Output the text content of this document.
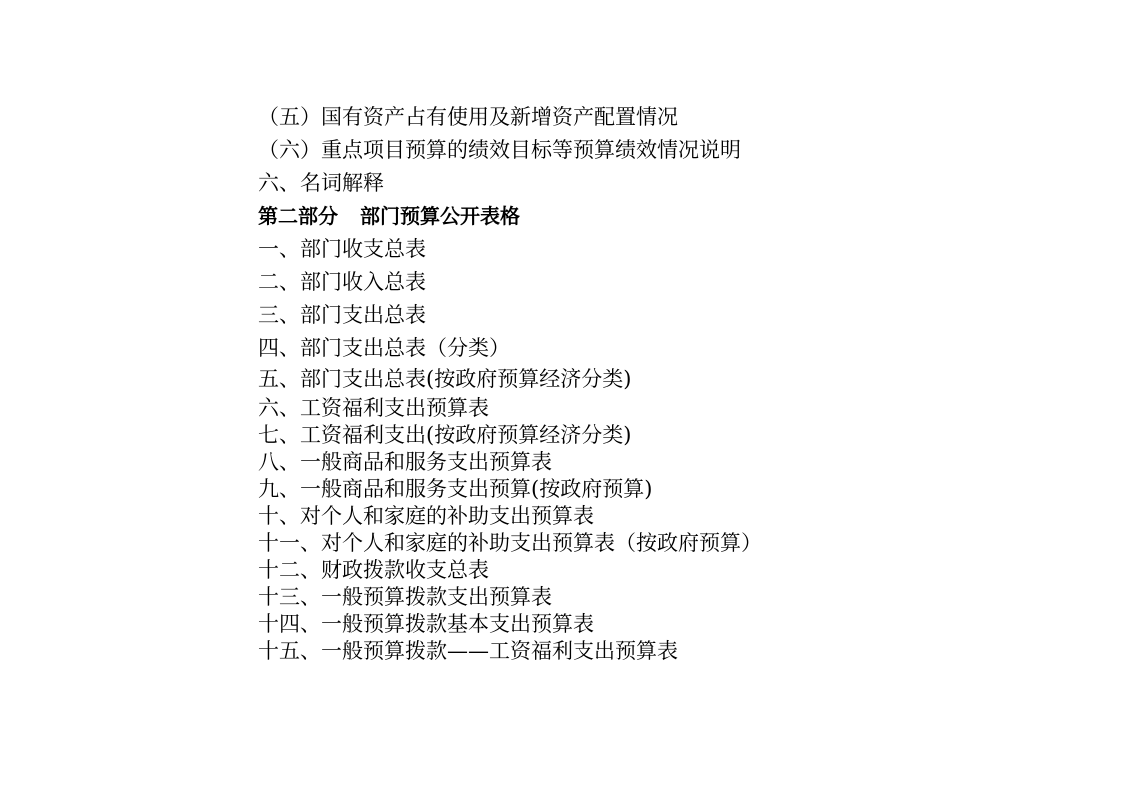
（五）国有资产占有使用及新增资产配置情况
（六）重点项目预算的绩效目标等预算绩效情况说明
六、名词解释
第二部分 部门预算公开表格
一、部门收支总表
二、部门收入总表
三、部门支出总表
四、部门支出总表（分类）
五、部门支出总表(按政府预算经济分类)
六、工资福利支出预算表
七、工资福利支出(按政府预算经济分类)
八、一般商品和服务支出预算表
九、一般商品和服务支出预算(按政府预算)
十、对个人和家庭的补助支出预算表
十一、对个人和家庭的补助支出预算表（按政府预算）
十二、财政拨款收支总表
十三、一般预算拨款支出预算表
十四、一般预算拨款基本支出预算表
十五、一般预算拨款——工资福利支出预算表
